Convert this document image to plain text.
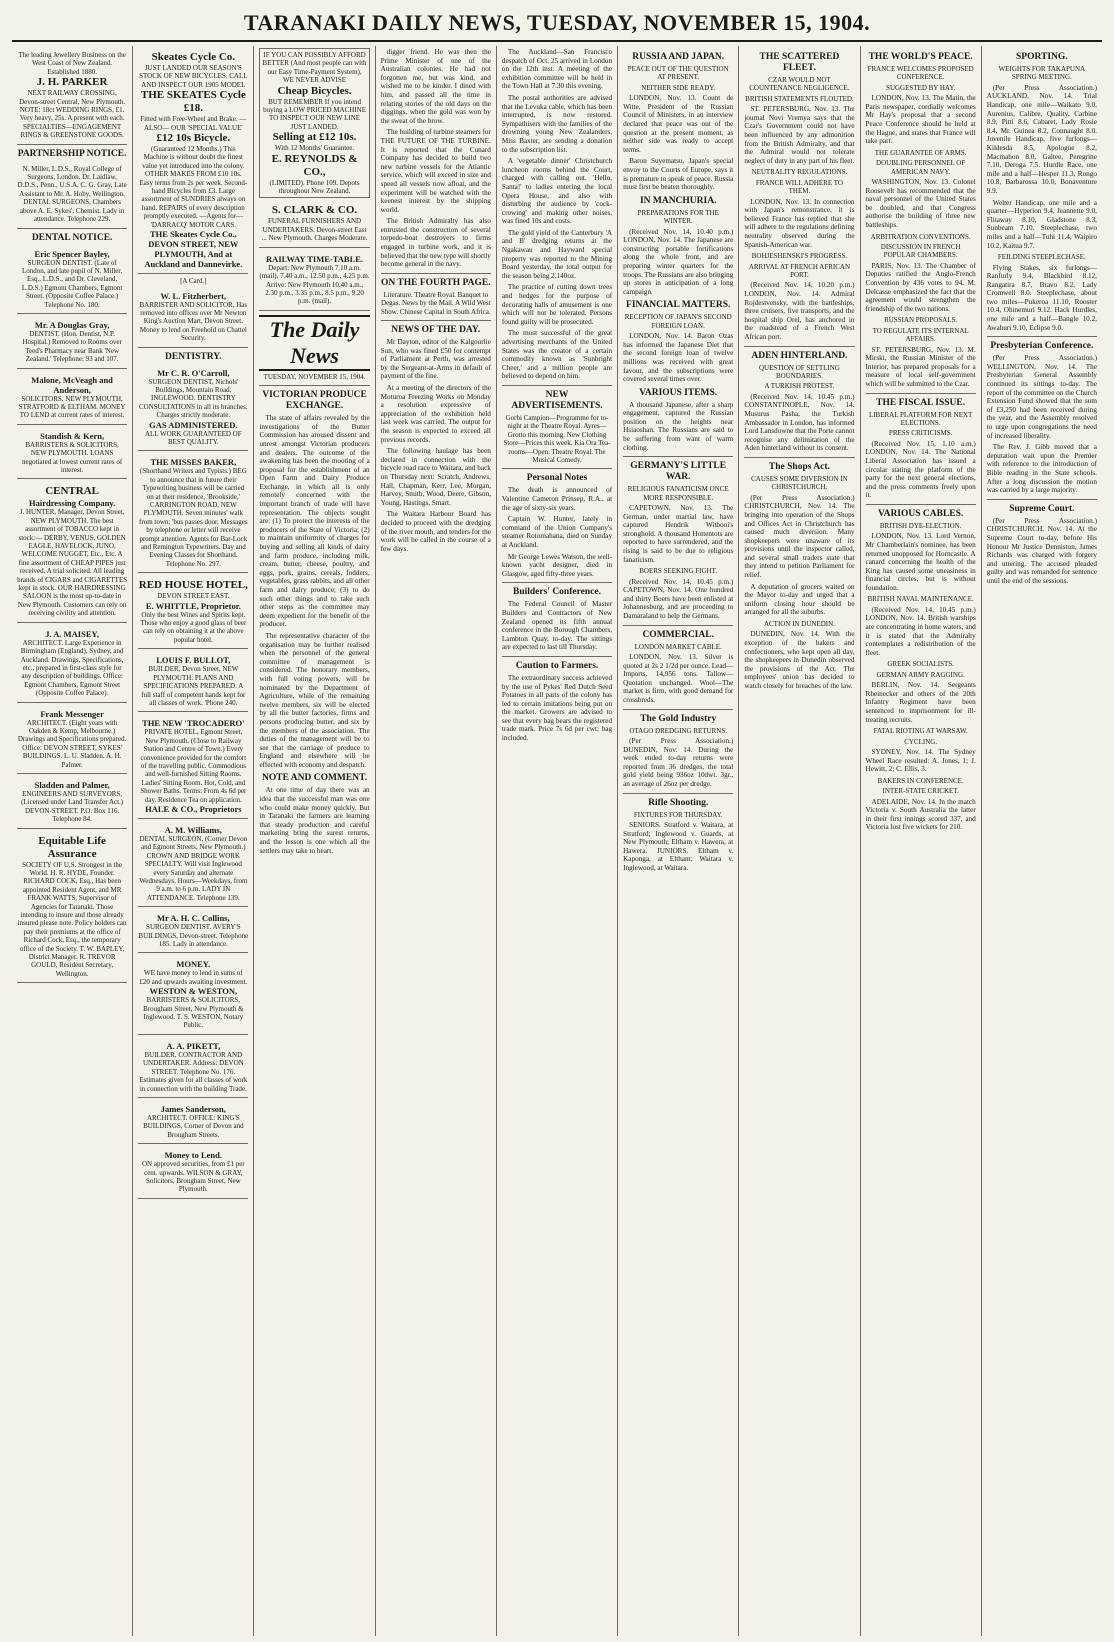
TARANAKI DAILY NEWS, TUESDAY, NOVEMBER 15, 1904.
The leading Jewellery Business on the West Coast of New Zealand.
Established 1880.
J. H. PARKER
NEXT RAILWAY CROSSING, Devon-street Central, New Plymouth.
NOTE: 18ct WEDDING RINGS, £1. Very heavy, 25s. A present with each. SPECIALTIES—ENGAGEMENT RINGS & GREENSTONE GOODS.
PARTNERSHIP NOTICE.
N. Miller, L.D.S., Royal College of Surgeons, London. Dr. Laidlaw, D.D.S., Penn., U.S.A. C. G. Gray, Late Assistant to Mr. A. Hoby, Wellington. DENTAL SURGEONS, Chambers above A. E. Sykes', Chemist. Lady in attendance. Telephone 229.
DENTAL NOTICE.
Eric Spencer Bayley,
SURGEON DENTIST. (Late of London, and late pupil of N. Miller, Esq., L.D.S., and Dr. Cleveland, L.D.S.) Egmont Chambers, Egmont Street. (Opposite Coffee Palace.) Telephone No. 180.
Mr. A Douglas Gray,
DENTIST. (Hon. Dentist, N.P. Hospital.) Removed to Rooms over Teed's Pharmacy near Bank 'New Zealand.' Telephone: 93 and 107.
Malone, McVeagh and Anderson,
SOLICITORS, NEW PLYMOUTH, STRATFORD & ELTHAM. MONEY TO LEND at current rates of interest.
Standish & Kern,
BARRISTERS & SOLICITORS, NEW PLYMOUTH. LOANS negotiated at lowest current rates of interest.
CENTRAL
Hairdressing Company.
J. HUNTER, Manager, Devon Street, NEW PLYMOUTH. The best assortment of TOBACCO kept in stock:— DERBY, VENUS, GOLDEN EAGLE, HAVELOCK, JUNO, WELCOME NUGGET, Etc., Etc. A fine assortment of CHEAP PIPES just received. A trial solicited. All leading brands of CIGARS and CIGARETTES kept in stock. OUR HAIRDRESSING SALOON is the most up-to-date in New Plymouth. Customers can rely on receiving civility and attention.
J. A. MAISEY,
ARCHITECT. Large Experience in Birmingham (England), Sydney, and Auckland. Drawings, Specifications, etc., prepared in first-class style for any description of buildings. Office: Egmont Chambers, Egmont Street (Opposite Coffee Palace).
Frank Messenger
ARCHITECT. (Eight years with Oakden & Kemp, Melbourne.) Drawings and Specifications prepared. Office: DEVON STREET, SYKES' BUILDINGS. L. U. Sladden. A. H. Palmer.
Sladden and Palmer,
ENGINEERS AND SURVEYORS, (Licensed under Land Transfer Act.) DEVON-STREET. P.O. Box 116. Telephone 84.
Equitable Life Assurance
SOCIETY OF U.S. Strongest in the World. H. R. HYDE, Founder. RICHARD COCK, Esq., Has been appointed Resident Agent, and MR FRANK WATTS, Supervisor of Agencies for Taranaki. Those intending to insure and those already insured please note. Policy holders can pay their premiums at the office of Richard Cock, Esq., the temporary office of the Society. T. W. BAPLEY, District Manager. R. TREVOR GOULD, Resident Secretary, Wellington.
Skeates Cycle Co.
JUST LANDED OUR SEASON'S STOCK OF NEW BICYCLES. CALL AND INSPECT OUR 1905 MODEL
THE SKEATES Cycle £18.
Fitted with Free-Wheel and Brake. —ALSO— OUR 'SPECIAL VALUE'
£12 10s Bicycle.
(Guaranteed 12 Months.) This Machine is without doubt the finest value yet introduced into the colony. OTHER MAKES FROM £10 10s. Easy terms from 2s per week. Second-hand Bicycles from £3. Large assortment of SUNDRIES always on hand. REPAIRS of every description promptly executed. —Agents for— 'DARRACQ' MOTOR CARS.
THE Skeates Cycle Co., DEVON STREET, NEW PLYMOUTH, And at Auckland and Dannevirke.
[A Card.]
W. L. Fitzherbert,
BARRISTER AND SOLICITOR, Has removed into offices over Mr Newton King's Auction Mart, Devon Street. Money to lend on Freehold on Chattel Security.
DENTISTRY.
Mr C. R. O'Carroll,
SURGEON DENTIST, Nichols' Buildings, Mountain Road, INGLEWOOD. DENTISTRY CONSULTATIONS in all its branches. Charges strictly moderate.
GAS ADMINISTERED.
ALL WORK GUARANTEED OF BEST QUALITY.
THE MISSES BAKER,
(Shorthand Writers and Typists.) BEG to announce that in future their Typewriting business will be carried on at their residence, 'Brookside,' CARRINGTON ROAD, NEW PLYMOUTH. Seven minutes' walk from town; 'bus passes door. Messages by telephone or letter will receive prompt attention. Agents for Bar-Lock and Remington Typewriters. Day and Evening Classes for Shorthand. Telephone No. 297.
RED HOUSE HOTEL,
DEVON STREET EAST.
E. WHITTLE, Proprietor.
Only the best Wines and Spirits kept. Those who enjoy a good glass of beer can rely on obtaining it at the above popular hotel.
LOUIS F. BULLOT,
BUILDER, Devon Street, NEW PLYMOUTH. PLANS AND SPECIFICATIONS PREPARED. A full staff of competent hands kept for all classes of work. 'Phone 240.
THE NEW 'TROCADERO'
PRIVATE HOTEL, Egmont Street, New Plymouth. (Close to Railway Station and Centre of Town.) Every convenience provided for the comfort of the travelling public. Commodious and well-furnished Sitting Rooms. Ladies' Sitting Room. Hot, Cold, and Shower Baths. Terms: From 4s 6d per day. Residence Tea on application.
HALE & CO., Proprietors
A. M. Williams,
DENTAL SURGEON, (Corner Devon and Egmont Streets, New Plymouth.) CROWN AND BRIDGE WORK SPECIALTY. Will visit Inglewood every Saturday and alternate Wednesdays. Hours—Weekdays, from 9 a.m. to 6 p.m. LADY IN ATTENDANCE. Telephone 139.
Mr A. H. C. Collins,
SURGEON DENTIST. AVERY'S BUILDINGS, Devon-street. Telephone 185. Lady in attendance.
MONEY.
WE have money to lend in sums of £20 and upwards awaiting investment.
WESTON & WESTON,
BARRISTERS & SOLICITORS, Brougham Street, New Plymouth & Inglewood. T. S. WESTON, Notary Public.
A. A. PIKETT,
BUILDER, CONTRACTOR AND UNDERTAKER. Address: DEVON STREET. Telephone No. 176. Estimates given for all classes of work in connection with the building Trade.
James Sanderson,
ARCHITECT. OFFICE: KING'S BUILDINGS, Corner of Devon and Brougham Streets.
Money to Lend.
ON approved securities, from £1 per cent. upwards. WILSON & GRAY, Solicitors, Brougham Street, New Plymouth.
IF YOU CAN POSSIBLY AFFORD BETTER (And most people can with our Easy Time-Payment System), WE NEVER ADVISE
Cheap Bicycles.
BUT REMEMBER If you intend buying a LOW PRICED MACHINE TO INSPECT OUR NEW LINE JUST LANDED.
Selling at £12 10s.
With 12 Months' Guarantee.
E. REYNOLDS & CO.,
(LIMITED). Phone 109. Depots throughout New Zealand.
S. CLARK & CO.
FUNERAL FURNISHERS AND UNDERTAKERS. Devon-street East ... New Plymouth. Charges Moderate.
RAILWAY TIME-TABLE.
Depart: New Plymouth 7.10 a.m. (mail), 7.40 a.m., 12.50 p.m., 4.25 p.m. Arrive: New Plymouth 10.40 a.m., 2.30 p.m., 3.35 p.m., 8.5 p.m., 9.20 p.m. (mail).
The Daily News
TUESDAY, NOVEMBER 15, 1904.
VICTORIAN PRODUCE EXCHANGE.

The state of affairs revealed by the investigations of the Butter Commission has aroused dissent and unrest amongst Victorian producers and dealers. The outcome of the awakening has been the mooting of a proposal for the establishment of an Open Farm and Dairy Produce Exchange, in which all is only remotely concerned with the important branch of trade will have representation. The objects sought are: (1) To protect the interests of the producers of the State of Victoria; (2) to maintain uniformity of charges for buying and selling all kinds of dairy and farm produce, including milk, cream, butter, cheese, poultry, and eggs, pork, grains, cereals, fodders, vegetables, grass rabbits, and all other farm and dairy produce; (3) to do such other things and to take such other steps as the committee may deem expedient for the benefit of the producer.

The representative character of the organisation may be further realised when the personnel of the general committee of management is considered. The honorary members, with full voting powers, will be nominated by the Department of Agriculture, while of the remaining twelve members, six will be elected by all the butter factories, firms and persons producing butter, and six by the members of the association. The duties of the management will be to see that the carriage of produce to England and elsewhere will be effected with economy and despatch.

NOTE AND COMMENT.

At one time of day there was an idea that the successful man was one who could make money quickly. But in Taranaki the farmers are learning that steady production and careful marketing bring the surest returns, and the lesson is one which all the settlers may take to heart.

digger friend. He was then the Prime Minister of one of the Australian colonies. He had not forgotten me, but was kind, and wished me to be kinder. I dined with him, and passed all the time in relating stories of the old days on the diggings, when the gold was won by the sweat of the brow.

The building of turbine steamers for THE FUTURE OF THE TURBINE. It is reported that the Cunard Company has decided to build two new turbine vessels for the Atlantic service, which will exceed in size and speed all vessels now afloat, and the experiment will be watched with the keenest interest by the shipping world.

The British Admiralty has also entrusted the construction of several torpedo-boat destroyers to firms engaged in turbine work, and it is believed that the new type will shortly become general in the navy.

ON THE FOURTH PAGE.
Literature. Theatre Royal. Banquet to Degas. News by the Mail. A Wild West Show. Chinese Capital in South Africa.
NEWS OF THE DAY.

Mr Dayton, editor of the Kalgoorlie Sun, who was fined £50 for contempt of Parliament at Perth, was arrested by the Sergeant-at-Arms in default of payment of the fine.

At a meeting of the directors of the Moturoa Freezing Works on Monday a resolution expressive of appreciation of the exhibition held last week was carried. The output for the season is expected to exceed all previous records.

The following haulage has been declared in connection with the bicycle road race to Waitara, and back on Thursday next: Scratch, Andrews, Hall, Chapman, Kerr, Lee, Morgan, Harvey, Smith, Wood, Deere, Gibson, Young, Hastings, Smart.

The Waitara Harbour Board has decided to proceed with the dredging of the river mouth, and tenders for the work will be called in the course of a few days.

The Auckland—San Francisco despatch of Oct. 25 arrived in London on the 12th inst. A meeting of the exhibition committee will be held in the Town Hall at 7.30 this evening.

The postal authorities are advised that the Levuka cable, which has been interrupted, is now restored. Sympathisers with the families of the drowning young New Zealanders, Miss Baxter, are sending a donation to the subscription list.

A 'vegetable dinner' Christchurch luncheon rooms behind the Court, charged with calling out. 'Hello, Santa!' to ladies entering the local Opera House, and also with disturbing the audience by 'cock-crowing' and making other noises, was fined 10s and costs.

The gold yield of the Canterbury 'A and B' dredging returns at the Ngakawau and Hayward special property was reported to the Mining Board yesterday, the total output for the season being 2,140oz.

The practice of cutting down trees and hedges for the purpose of decorating halls of amusement is one which will not be tolerated. Persons found guilty will be prosecuted.

The most successful of the great advertising merchants of the United States was the creator of a certain commodity known as 'Sunbright Cheer,' and a million people are believed to depend on him.

NEW ADVERTISEMENTS.
Gorbi Campion—Programme for to-night at the Theatre Royal. Ayres—Grotto this morning. New Clothing Store—Prices this week. Kia Ora Tea-rooms—Open. Theatre Royal. The Musical Comedy.
Personal Notes

The death is announced of Valentine Cameron Prinsep, R.A., at the age of sixty-six years.

Captain W. Hunter, lately in command of the Union Company's steamer Rotomahana, died on Sunday at Auckland.

Mr George Lewes Watson, the well-known yacht designer, died in Glasgow, aged fifty-three years.

Builders' Conference.

The Federal Council of Master Builders and Contractors of New Zealand opened its fifth annual conference in the Borough Chambers, Lambton Quay, to-day. The sittings are expected to last till Thursday.

Caution to Farmers.

The extraordinary success achieved by the use of Pykes' Red Dutch Seed Potatoes in all parts of the colony has led to certain imitations being put on the market. Growers are advised to see that every bag bears the registered trade mark. Price 7s 6d per cwt; bag included.

RUSSIA AND JAPAN.
PEACE OUT OF THE QUESTION AT PRESENT.
NEITHER SIDE READY.

LONDON, Nov. 13. Count de Witte, President of the Russian Council of Ministers, in an interview declared that peace was out of the question at the present moment, as neither side was ready to accept terms.

Baron Suyematsu, Japan's special envoy to the Courts of Europe, says it is premature to speak of peace. Russia must first be beaten thoroughly.

IN MANCHURIA.
PREPARATIONS FOR THE WINTER.

(Received Nov. 14, 10.40 p.m.) LONDON, Nov. 14. The Japanese are constructing portable fortifications along the whole front, and are preparing winter quarters for the troops. The Russians are also bringing up stores in anticipation of a long campaign.

FINANCIAL MATTERS.
RECEPTION OF JAPAN'S SECOND FOREIGN LOAN.

LONDON, Nov. 14. Baron Ozas has informed the Japanese Diet that the second foreign loan of twelve millions was received with great favour, and the subscriptions were covered several times over.

VARIOUS ITEMS.

A thousand Japanese, after a sharp engagement, captured the Russian position on the heights near Hsiaoshan. The Russians are said to be suffering from want of warm clothing.

GERMANY'S LITTLE WAR.
RELIGIOUS FANATICISM ONCE MORE RESPONSIBLE.

CAPETOWN, Nov. 13. The German, under martial law, have captured Hendrik Witbooi's stronghold. A thousand Hottentots are reported to have surrendered, and the rising is said to be due to religious fanaticism.

BOERS SEEKING FIGHT.

(Received Nov. 14, 10.45 p.m.) CAPETOWN, Nov. 14. One hundred and thirty Boers have been enlisted at Johannesburg, and are proceeding to Damaraland to help the Germans.

COMMERCIAL.
LONDON MARKET CABLE.

LONDON, Nov. 13. Silver is quoted at 2s 2 1/2d per ounce. Lead—Imports, 14,956 tons. Tallow—Quotation unchanged. Wool—The market is firm, with good demand for crossbreds.

The Gold Industry
OTAGO DREDGING RETURNS.

(Per Press Association.) DUNEDIN, Nov. 14. During the week ended to-day returns were reported from 36 dredges, the total gold yield being 936oz 10dwt. 3gr., an average of 26oz per dredge.

Rifle Shooting.
FIXTURES FOR THURSDAY.

SENIORS. Stratford v. Waitara, at Stratford; Inglewood v. Guards, at New Plymouth; Eltham v. Hawera, at Hawera. JUNIORS. Eltham v. Kaponga, at Eltham; Waitara v. Inglewood, at Waitara.

THE SCATTERED FLEET.
CZAR WOULD NOT COUNTENANCE NEGLIGENCE.
BRITISH STATEMENTS FLOUTED.

ST. PETERSBURG, Nov. 13. The journal Novi Vremya says that the Czar's Government could not have been influenced by any admonition from the British Admiralty, and that the Admiral would not tolerate neglect of duty in any part of his fleet.

NEUTRALITY REGULATIONS.
FRANCE WILL ADHERE TO THEM.

LONDON, Nov. 13. In connection with Japan's remonstrance, it is believed France has replied that she will adhere to the regulations defining neutrality observed during the Spanish-American war.

BOHJESHENSKI'S PROGRESS.
ARRIVAL AT FRENCH AFRICAN PORT.

(Received Nov. 14, 10.20 p.m.) LONDON, Nov. 14. Admiral Rojdestvensky, with the battleships, three cruisers, five transports, and the hospital ship Orel, has anchored in the roadstead of a French West African port.

ADEN HINTERLAND.
QUESTION OF SETTLING BOUNDARIES.
A TURKISH PROTEST.

(Received Nov. 14, 10.45 p.m.) CONSTANTINOPLE, Nov. 14. Musurus Pasha, the Turkish Ambassador in London, has informed Lord Lansdowne that the Porte cannot recognise any delimitation of the Aden hinterland without its consent.

The Shops Act.
CAUSES SOME DIVERSION IN CHRISTCHURCH.

(Per Press Association.) CHRISTCHURCH, Nov. 14. The bringing into operation of the Shops and Offices Act in Christchurch has caused much diversion. Many shopkeepers were unaware of its provisions until the inspector called, and several small traders state that they intend to petition Parliament for relief.

A deputation of grocers waited on the Mayor to-day and urged that a uniform closing hour should be arranged for all the suburbs.

ACTION IN DUNEDIN.

DUNEDIN, Nov. 14. With the exception of the bakers and confectioners, who kept open all day, the shopkeepers in Dunedin observed the provisions of the Act. The employees' union has decided to watch closely for breaches of the law.

THE WORLD'S PEACE.
FRANCE WELCOMES PROPOSED CONFERENCE.
SUGGESTED BY HAY.

LONDON, Nov. 13. The Matin, the Paris newspaper, cordially welcomes Mr Hay's proposal that a second Peace Conference should be held at the Hague, and states that France will take part.

THE GUARANTEE OF ARMS.
DOUBLING PERSONNEL OF AMERICAN NAVY.

WASHINGTON, Nov. 13. Colonel Roosevelt has recommended that the naval personnel of the United States be doubled, and that Congress authorise the building of three new battleships.

ARBITRATION CONVENTIONS.
DISCUSSION IN FRENCH POPULAR CHAMBERS.

PARIS, Nov. 13. The Chamber of Deputies ratified the Anglo-French Convention by 436 votes to 94. M. Delcasse emphasized the fact that the agreement would strengthen the friendship of the two nations.

RUSSIAN PROPOSALS.
TO REGULATE ITS INTERNAL AFFAIRS.

ST. PETERSBURG, Nov. 13. M. Mirski, the Russian Minister of the Interior, has prepared proposals for a measure of local self-government which will be submitted to the Czar.

THE FISCAL ISSUE.
LIBERAL PLATFORM FOR NEXT ELECTIONS.
PRESS CRITICISMS.

(Received Nov. 15, 1.10 a.m.) LONDON, Nov. 14. The National Liberal Association has issued a circular stating the platform of the party for the next general elections, and the press comments freely upon it.

VARIOUS CABLES.
BRITISH DYE-ELECTION.

LONDON, Nov. 13. Lord Vernon, Mr Chamberlain's nominee, has been returned unopposed for Horncastle. A canard concerning the health of the King has caused some uneasiness in financial circles, but is without foundation.

BRITISH NAVAL MAINTENANCE.

(Received Nov. 14, 10.45 p.m.) LONDON, Nov. 14. British warships are concentrating in home waters, and it is stated that the Admiralty contemplates a redistribution of the fleet.

GREEK SOCIALISTS.
GERMAN ARMY RAGGING.

BERLIN, Nov. 14. Sergeants Rheinecker and others of the 20th Infantry Regiment have been sentenced to imprisonment for ill-treating recruits.

FATAL RIOTING AT WARSAW.
CYCLING.

SYDNEY, Nov. 14. The Sydney Wheel Race resulted: A. Jones, 1; J. Hewitt, 2; C. Ellis, 3.

BAKERS IN CONFERENCE.
INTER-STATE CRICKET.

ADELAIDE, Nov. 14. In the match Victoria v. South Australia the latter in their first innings scored 337, and Victoria lost five wickets for 210.

SPORTING.
WEIGHTS FOR TAKAPUNA SPRING MEETING.

(Per Press Association.) AUCKLAND, Nov. 14. Trial Handicap, one mile—Waikato 9.0, Aurenius, Calibre, Quality, Carbine 8.9, Pitti 8.6, Cabaret, Lady Rosie 8.4, Mr. Guinea 8.2, Connaught 8.0. Juvenile Handicap, five furlongs—Kildesda 8.5, Apologue 8.2, Macmahon 8.0, Galtee, Peregrine 7.10, Deroga 7.5. Hurdle Race, one mile and a half—Hesper 11.3, Rongo 10.8, Barbarossa 10.0, Bonaventure 9.9.

Welter Handicap, one mile and a quarter—Hyperion 9.4, Jeannette 9.0, Flitaway 8.10, Gladstone 8.3, Sunbeam 7.10. Steeplechase, two miles and a half—Tuhi 11.4, Waipiro 10.2, Kaitua 9.7.

FEILDING STEEPLECHASE.

Flying Stakes, six furlongs—Ranfurly 9.4, Blackbird 8.12, Rangatira 8.7, Bravo 8.2, Lady Cromwell 8.0. Steeplechase, about two miles—Pukeroa 11.10, Rooster 10.4, Ohinemuri 9.12. Hack Hurdles, one mile and a half—Bangle 10.2, Awahuri 9.10, Eclipse 9.0.

Presbyterian Conference.

(Per Press Association.) WELLINGTON, Nov. 14. The Presbyterian General Assembly continued its sittings to-day. The report of the committee on the Church Extension Fund showed that the sum of £3,250 had been received during the year, and the Assembly resolved to urge upon congregations the need of increased liberality.

The Rev. J. Gibb moved that a deputation wait upon the Premier with reference to the introduction of Bible reading in the State schools. After a long discussion the motion was carried by a large majority.

Supreme Court.

(Per Press Association.) CHRISTCHURCH, Nov. 14. At the Supreme Court to-day, before His Honour Mr Justice Denniston, James Richards was charged with forgery and uttering. The accused pleaded guilty and was remanded for sentence until the end of the sessions.
